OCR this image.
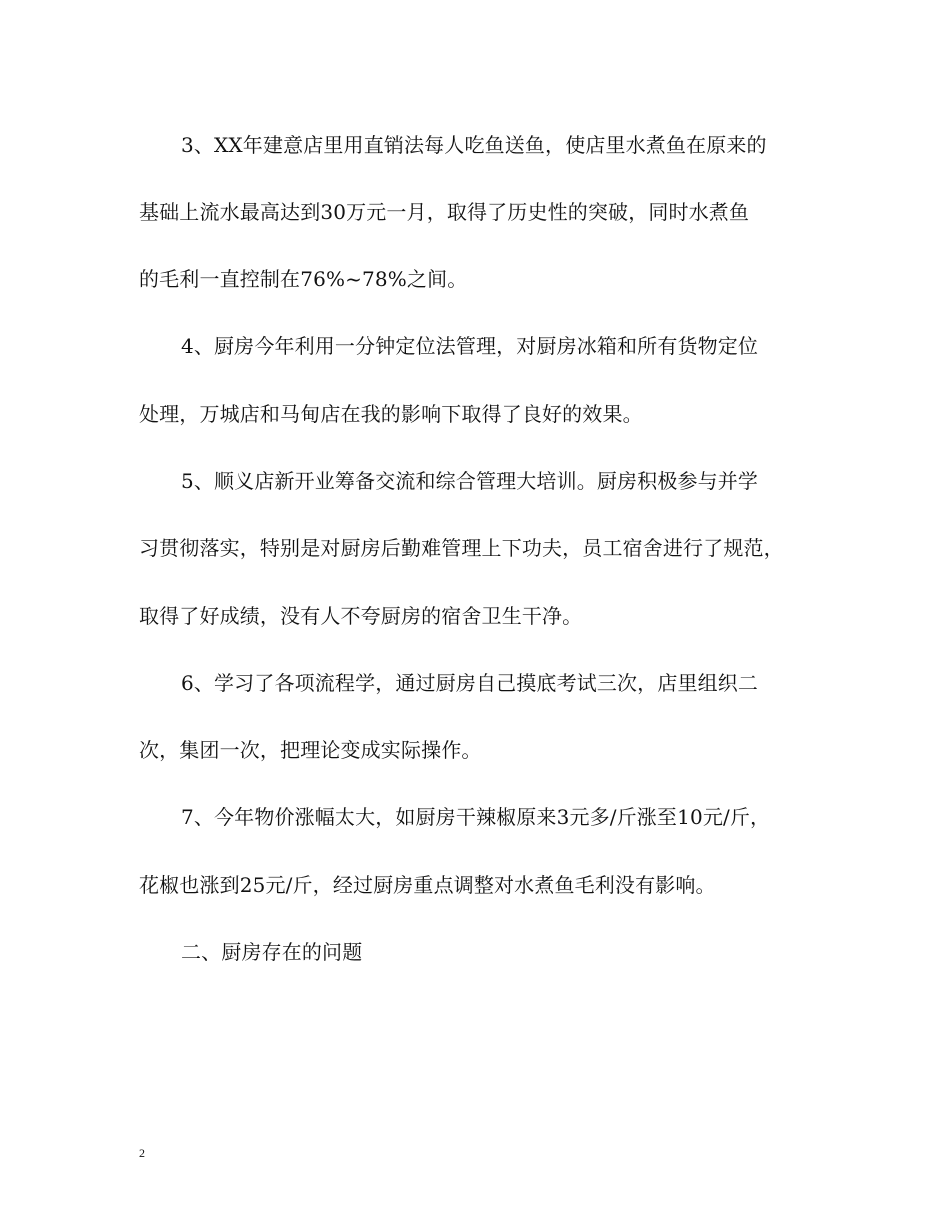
3、XX年建意店里用直销法每人吃鱼送鱼，使店里水煮鱼在原来的
基础上流水最高达到30万元一月，取得了历史性的突破，同时水煮鱼
的毛利一直控制在76%~78%之间。
4、厨房今年利用一分钟定位法管理，对厨房冰箱和所有货物定位
处理，万城店和马甸店在我的影响下取得了良好的效果。
5、顺义店新开业筹备交流和综合管理大培训。厨房积极参与并学
习贯彻落实，特别是对厨房后勤难管理上下功夫，员工宿舍进行了规范，
取得了好成绩，没有人不夸厨房的宿舍卫生干净。
6、学习了各项流程学，通过厨房自己摸底考试三次，店里组织二
次，集团一次，把理论变成实际操作。
7、今年物价涨幅太大，如厨房干辣椒原来3元多/斤涨至10元/斤，
花椒也涨到25元/斤，经过厨房重点调整对水煮鱼毛利没有影响。
二、厨房存在的问题
2
